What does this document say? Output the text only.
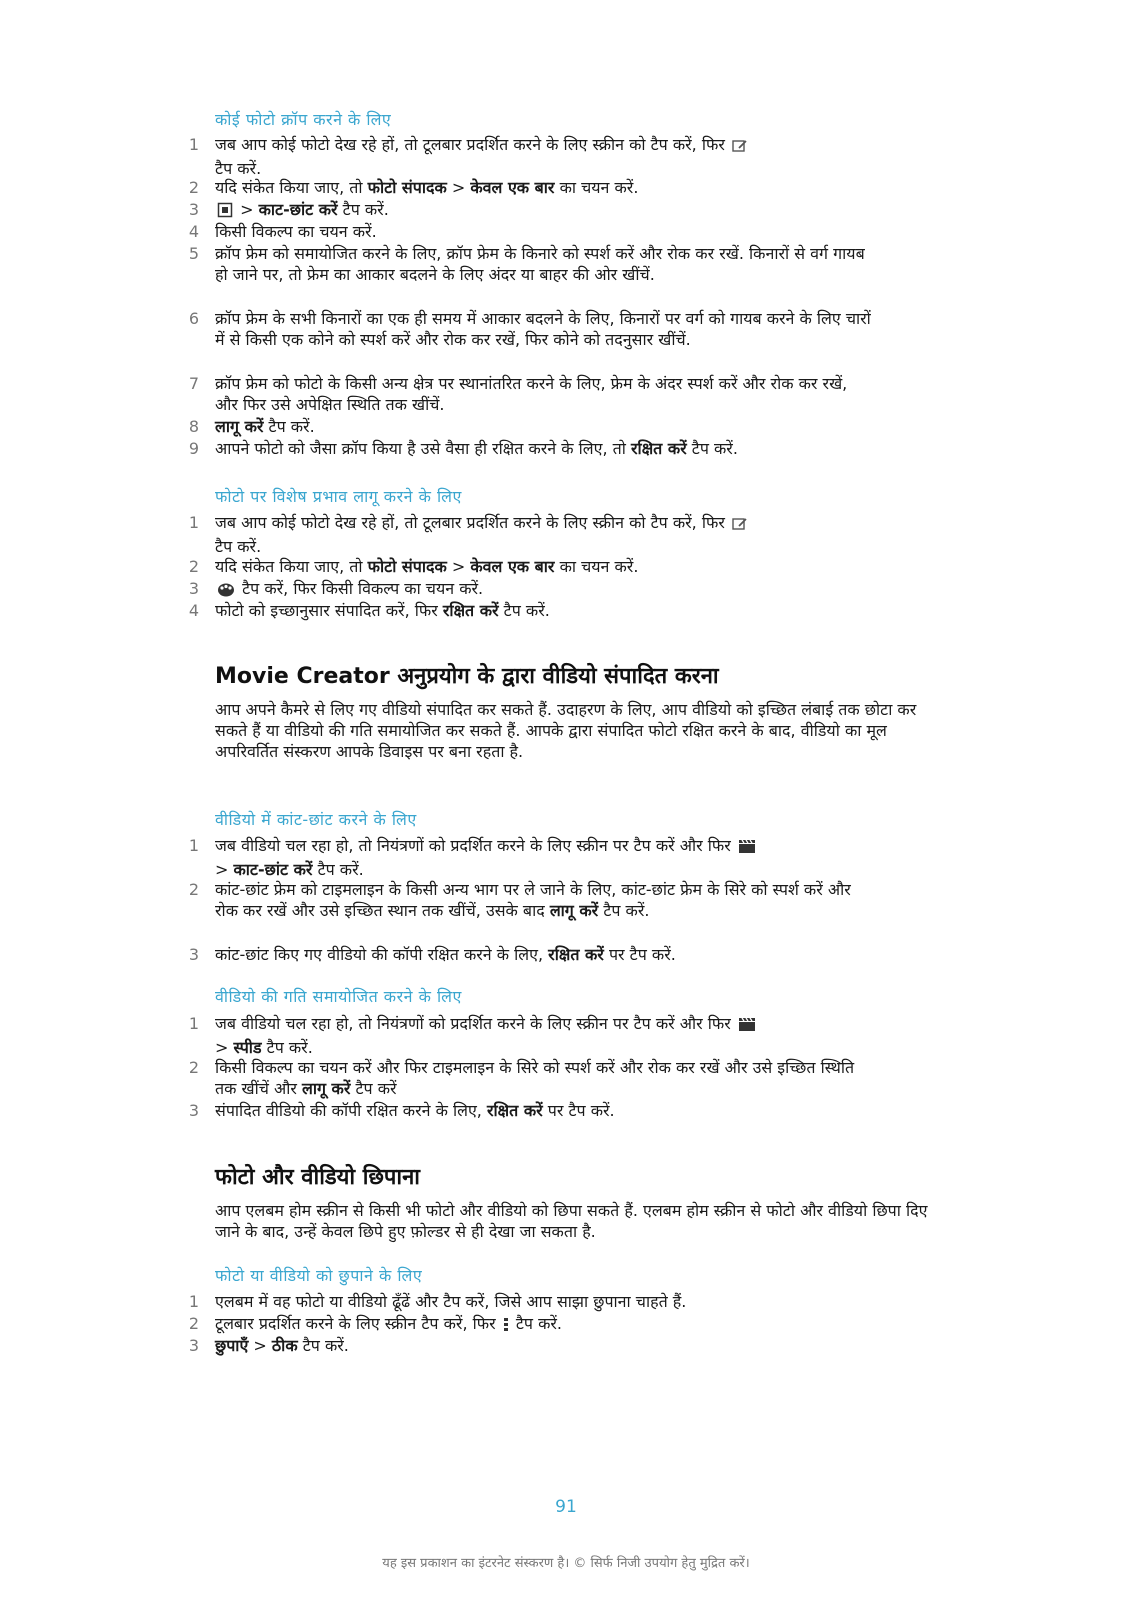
कोई फोटो क्रॉप करने के लिए
1 जब आप कोई फोटो देख रहे हों, तो टूलबार प्रदर्शित करने के लिए स्क्रीन को टैप करें, फिर
टैप करें.
2 यदि संकेत किया जाए, तो फोटो संपादक > केवल एक बार का चयन करें.
3	> काट-छांट करें टैप करें.
4 किसी विकल्प का चयन करें.
5 क्रॉप फ्रेम को समायोजित करने के लिए, क्रॉप फ्रेम के किनारे को स्पर्श करें और रोक कर रखें. किनारों से वर्ग गायब हो जाने पर, तो फ्रेम का आकार बदलने के लिए अंदर या बाहर की ओर खींचें.
6 क्रॉप फ्रेम के सभी किनारों का एक ही समय में आकार बदलने के लिए, किनारों पर वर्ग को गायब करने के लिए चारों में से किसी एक कोने को स्पर्श करें और रोक कर रखें, फिर कोने को तदनुसार खींचें.
7 क्रॉप फ्रेम को फोटो के किसी अन्य क्षेत्र पर स्थानांतरित करने के लिए, फ्रेम के अंदर स्पर्श करें और रोक कर रखें, और फिर उसे अपेक्षित स्थिति तक खींचें.
8 लागू करें टैप करें.
9 आपने फोटो को जैसा क्रॉप किया है उसे वैसा ही रक्षित करने के लिए, तो रक्षित करें टैप करें.
फोटो पर विशेष प्रभाव लागू करने के लिए
1 जब आप कोई फोटो देख रहे हों, तो टूलबार प्रदर्शित करने के लिए स्क्रीन को टैप करें, फिर
टैप करें.
2 यदि संकेत किया जाए, तो फोटो संपादक > केवल एक बार का चयन करें.
3	टैप करें, फिर किसी विकल्प का चयन करें.
4 फोटो को इच्छानुसार संपादित करें, फिर रक्षित करें टैप करें.
Movie Creator अनुप्रयोग के द्वारा वीडियो संपादित करना
आप अपने कैमरे से लिए गए वीडियो संपादित कर सकते हैं. उदाहरण के लिए, आप वीडियो को इच्छित लंबाई तक छोटा कर सकते हैं या वीडियो की गति समायोजित कर सकते हैं. आपके द्वारा संपादित फोटो रक्षित करने के बाद, वीडियो का मूल अपरिवर्तित संस्करण आपके डिवाइस पर बना रहता है.
वीडियो में कांट-छांट करने के लिए
1 जब वीडियो चल रहा हो, तो नियंत्रणों को प्रदर्शित करने के लिए स्क्रीन पर टैप करें और फिर
> काट-छांट करें टैप करें.
2 कांट-छांट फ्रेम को टाइमलाइन के किसी अन्य भाग पर ले जाने के लिए, कांट-छांट फ्रेम के सिरे को स्पर्श करें और रोक कर रखें और उसे इच्छित स्थान तक खींचें, उसके बाद लागू करें टैप करें.
3 कांट-छांट किए गए वीडियो की कॉपी रक्षित करने के लिए, रक्षित करें पर टैप करें.
वीडियो की गति समायोजित करने के लिए
1 जब वीडियो चल रहा हो, तो नियंत्रणों को प्रदर्शित करने के लिए स्क्रीन पर टैप करें और फिर
> स्पीड टैप करें.
2 किसी विकल्प का चयन करें और फिर टाइमलाइन के सिरे को स्पर्श करें और रोक कर रखें और उसे इच्छित स्थिति तक खींचें और लागू करें टैप करें
3 संपादित वीडियो की कॉपी रक्षित करने के लिए, रक्षित करें पर टैप करें.
फोटो और वीडियो छिपाना
आप एलबम होम स्क्रीन से किसी भी फोटो और वीडियो को छिपा सकते हैं. एलबम होम स्क्रीन से फोटो और वीडियो छिपा दिए जाने के बाद, उन्हें केवल छिपे हुए फ़ोल्डर से ही देखा जा सकता है.
फोटो या वीडियो को छुपाने के लिए
1 एलबम में वह फोटो या वीडियो ढूँढें और टैप करें, जिसे आप साझा छुपाना चाहते हैं.
2 टूलबार प्रदर्शित करने के लिए स्क्रीन टैप करें, फिर टैप करें.
3 छुपाएँ > ठीक टैप करें.
91
यह इस प्रकाशन का इंटरनेट संस्करण है। © सिर्फ निजी उपयोग हेतु मुद्रित करें।
